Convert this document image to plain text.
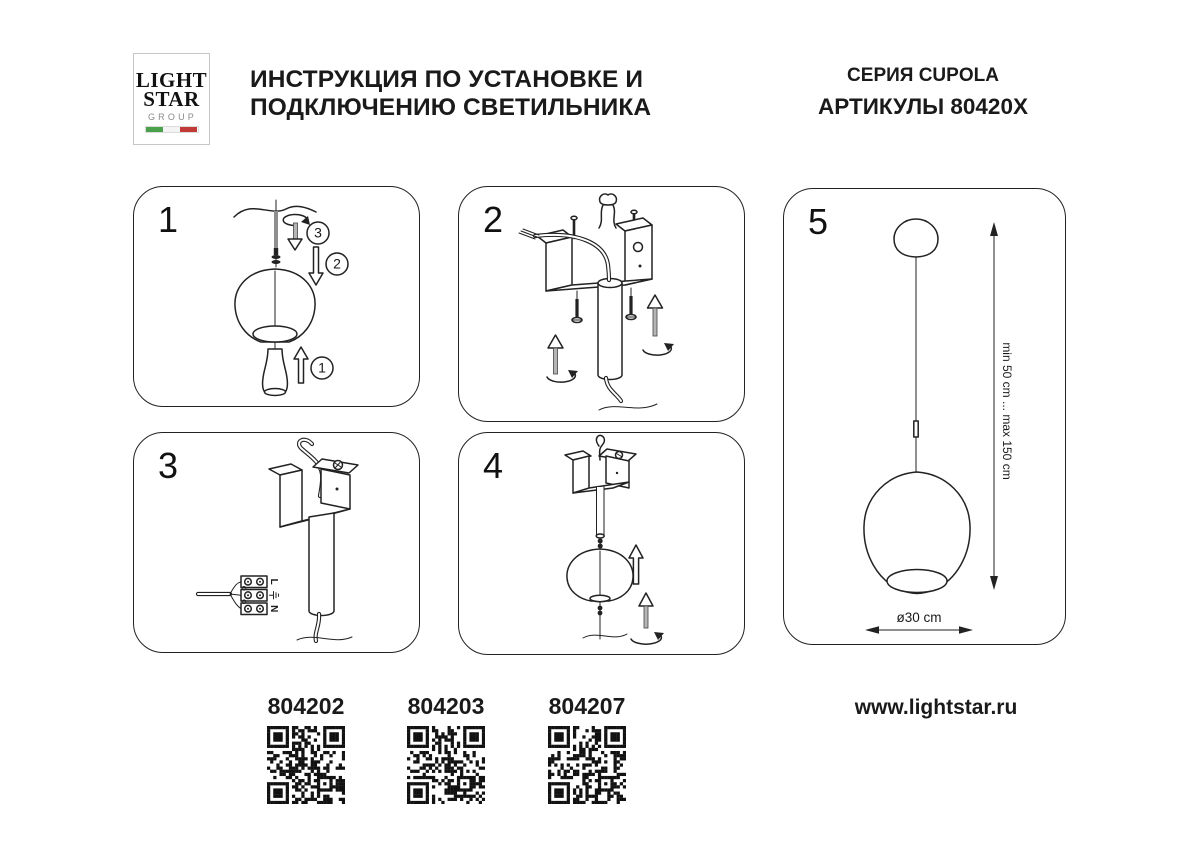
LIGHT
STAR
GROUP
ИНСТРУКЦИЯ ПО УСТАНОВКЕ И
ПОДКЛЮЧЕНИЮ СВЕТИЛЬНИКА
СЕРИЯ CUPOLA
АРТИКУЛЫ 80420X
3
2
1
1	2
L
N
3	4	min 50 cm ... max 150 cm
ø30 cm
5
804202	804203	804207	www.lightstar.ru
